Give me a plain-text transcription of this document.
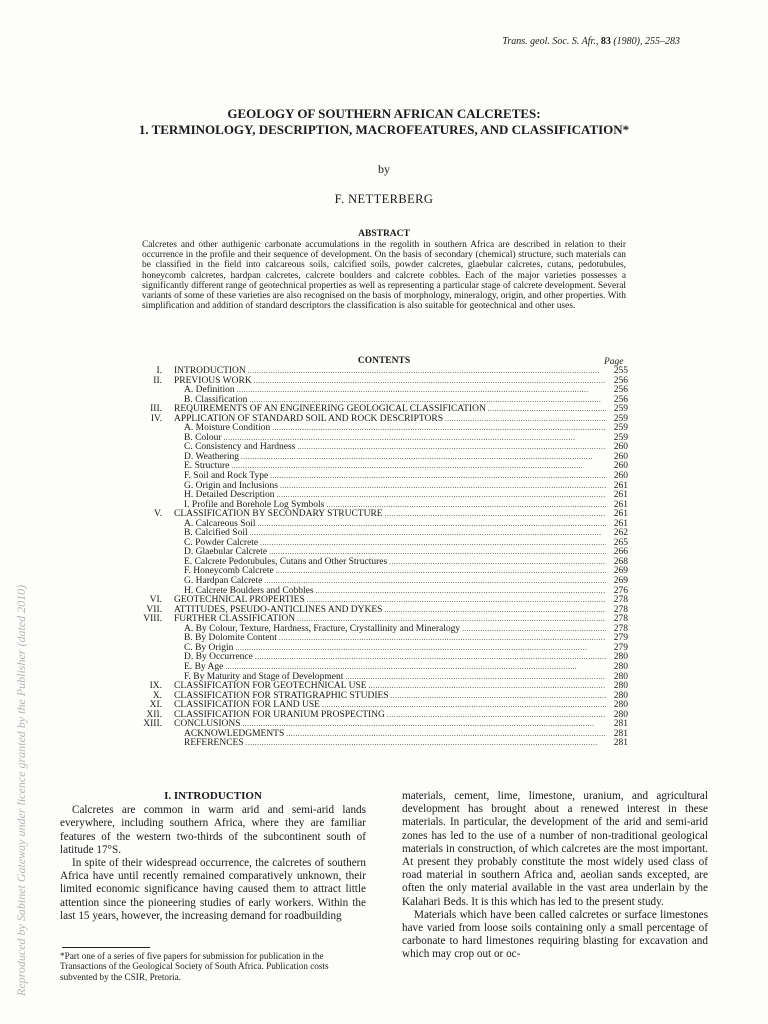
Trans. geol. Soc. S. Afr., 83 (1980), 255–283
GEOLOGY OF SOUTHERN AFRICAN CALCRETES:
1. TERMINOLOGY, DESCRIPTION, MACROFEATURES, AND CLASSIFICATION*
by
F. NETTERBERG
ABSTRACT
Calcretes and other authigenic carbonate accumulations in the regolith in southern Africa are described in relation to their occurrence in the profile and their sequence of development. On the basis of secondary (chemical) structure, such materials can be classified in the field into calcareous soils, calcified soils, powder calcretes, glaebular calcretes, cutans, pedotubules, honeycomb calcretes, hardpan calcretes, calcrete boulders and calcrete cobbles. Each of the major varieties possesses a significantly different range of geotechnical properties as well as representing a particular stage of calcrete development. Several variants of some of these varieties are also recognised on the basis of morphology, mineralogy, origin, and other properties. With simplification and addition of standard descriptors the classification is also suitable for geotechnical and other uses.
CONTENTS	Page
I. INTRODUCTION . . .	255
II. PREVIOUS WORK . . .	256
A. Definition . . .	256
B. Classification . . .	256
III. REQUIREMENTS OF AN ENGINEERING GEOLOGICAL CLASSIFICATION . . .	259
IV. APPLICATION OF STANDARD SOIL AND ROCK DESCRIPTORS . . .	259
A. Moisture Condition . . .	259
B. Colour . . .	259
C. Consistency and Hardness . . .	260
D. Weathering . . .	260
E. Structure . . .	260
F. Soil and Rock Type . . .	260
G. Origin and Inclusions . . .	261
H. Detailed Description . . .	261
I. Profile and Borehole Log Symbols . . .	261
V. CLASSIFICATION BY SECONDARY STRUCTURE . . .	261
A. Calcareous Soil . . .	261
B. Calcified Soil . . .	262
C. Powder Calcrete . . .	265
D. Glaebular Calcrete . . .	266
E. Calcrete Pedotubules, Cutans and Other Structures . . .	268
F. Honeycomb Calcrete . . .	269
G. Hardpan Calcrete . . .	269
H. Calcrete Boulders and Cobbles . . .	276
VI. GEOTECHNICAL PROPERTIES . . .	278
VII. ATTITUDES, PSEUDO-ANTICLINES AND DYKES . . .	278
VIII. FURTHER CLASSIFICATION . . .	278
A. By Colour, Texture, Hardness, Fracture, Crystallinity and Mineralogy . . .	278
B. By Dolomite Content . . .	279
C. By Origin . . .	279
D. By Occurrence . . .	280
E. By Age . . .	280
F. By Maturity and Stage of Development . . .	280
IX. CLASSIFICATION FOR GEOTECHNICAL USE . . .	280
X. CLASSIFICATION FOR STRATIGRAPHIC STUDIES . . .	280
XI. CLASSIFICATION FOR LAND USE . . .	280
XII. CLASSIFICATION FOR URANIUM PROSPECTING . . .	280
XIII. CONCLUSIONS . . .	281
ACKNOWLEDGMENTS . . .	281
REFERENCES . . .	281
I. INTRODUCTION

Calcretes are common in warm arid and semi-arid lands everywhere, including southern Africa, where they are familiar features of the western two-thirds of the subcontinent south of latitude 17°S.

In spite of their widespread occurrence, the calcretes of southern Africa have until recently remained comparatively unknown, their limited economic significance having caused them to attract little attention since the pioneering studies of early workers. Within the last 15 years, however, the increasing demand for roadbuilding

materials, cement, lime, limestone, uranium, and agricultural development has brought about a renewed interest in these materials. In particular, the development of the arid and semi-arid zones has led to the use of a number of non-traditional geological materials in construction, of which calcretes are the most important. At present they probably constitute the most widely used class of road material in southern Africa and, aeolian sands excepted, are often the only material available in the vast area underlain by the Kalahari Beds. It is this which has led to the present study.

Materials which have been called calcretes or surface limestones have varied from loose soils containing only a small percentage of carbonate to hard limestones requiring blasting for excavation and which may crop out or oc-

*Part one of a series of five papers for submission for publication in the Transactions of the Geological Society of South Africa. Publication costs subvented by the CSIR, Pretoria.
Reproduced by Sabinet Gateway under licence granted by the Publisher (dated 2010)
